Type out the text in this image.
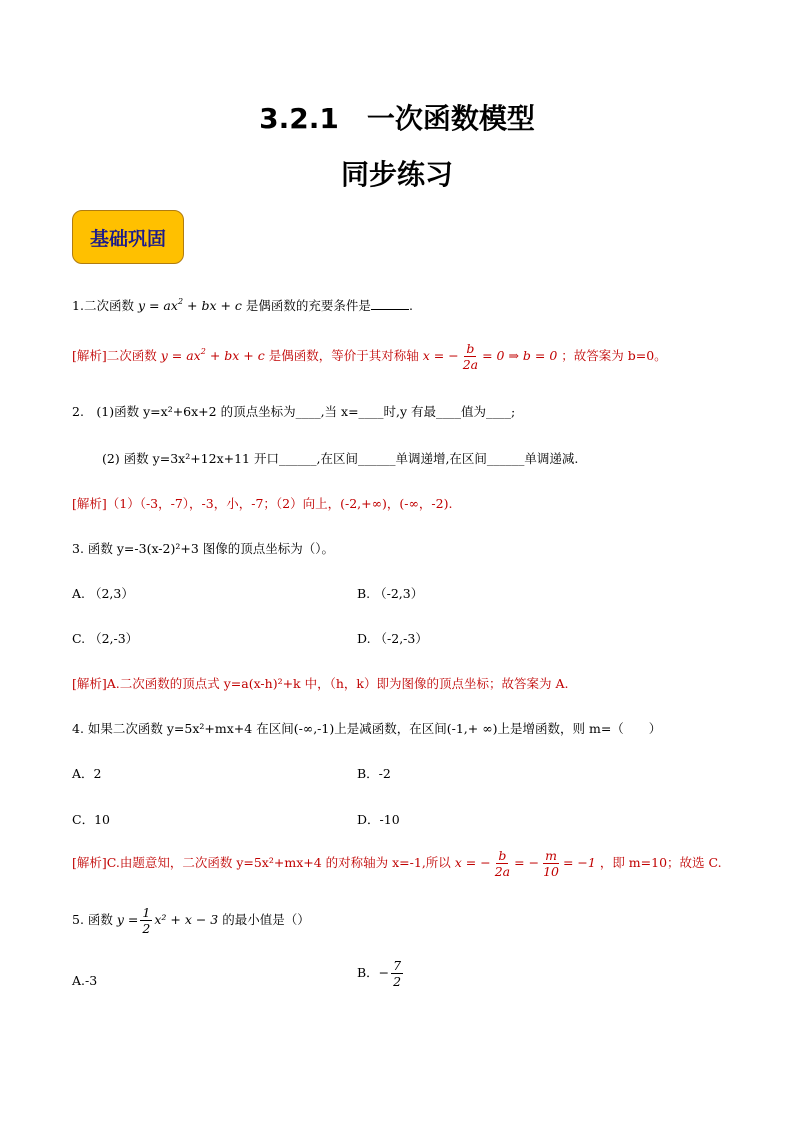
3.2.1　一次函数模型
同步练习
基础巩固
1.二次函数 $y = ax^2$ + bx + c 是偶函数的充要条件是	.
[解析]二次函数 $y = ax^2$ + bx + c 是偶函数，等价于其对称轴 x = − $\frac{b}{2a} = 0$ ⇒ b = 0 ；故答案为 b=0。
2.　(1)函数 y=x²+6x+2 的顶点坐标为____,当 x=____时,y 有最____值为____;
(2) 函数 y=3x²+12x+11 开口______,在区间______单调递增,在区间______单调递减.
[解析]（1）（-3，-7），-3，小，-7；（2）向上，(-2,+∞)，(-∞，-2).
3. 函数 y=-3(x-2)²+3 图像的顶点坐标为（）。
A. （2,3）	B. （-2,3）
C. （2,-3）	D. （-2,-3）
[解析]A.二次函数的顶点式 y=a(x-h)²+k 中，（h，k）即为图像的顶点坐标；故答案为 A.
4. 如果二次函数 y=5x²+mx+4 在区间(-∞,-1)上是减函数，在区间(-1,+ ∞)上是增函数，则 m=（　　）
A．2	B．-2
C．10	D．-10
[解析]C.由题意知，二次函数 y=5x²+mx+4 的对称轴为 x=-1,所以 x = − $\frac{b}{2a}$ = − $\frac{m}{10} = -1$ ，即 m=10；故选 C.
5. 函数 $y = \frac{1}{2} x^2 + x - 3$ 的最小值是（）
A.-3
B．− $\frac{7}{2}$
